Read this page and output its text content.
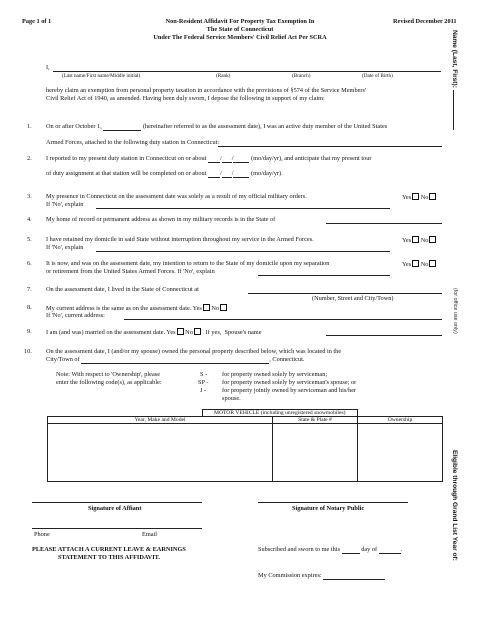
Page 1 of 1	Non-Resident Affidavit For Property Tax Exemption In
The State of Connecticut
Under The Federal Service Members' Civil Relief Act Per SCRA
Revised December 2011
I,
(Last name/First name/Middle initial)	(Rank)	(Branch)	(Date of Birth)
hereby claim an exemption from personal property taxation in accordance with the provisions of §574 of the Service Members'
Civil Relief Act of 1940, as amended. Having been duly sworn, I depose the following in support of my claim:
1. On or after October 1,	(hereinafter referred to as the assessment date), I was an active duty member of the United States
Armed Forces, attached to the following duty station in Connecticut:
2. I reported to my present duty station in Connecticut on or about / /	(mo/day/yr), and anticipate that my present tour
of duty assignment at that station will be completed on or about / /	(mo/day/yr).
3. My presence in Connecticut on the assessment date was solely as a result of my official military orders.
If 'No', explain
Yes No
4. My home of record or permanent address as shown in my military records is in the State of
5. I have retained my domicile in said State without interruption throughout my service in the Armed Forces.
If 'No', explain
Yes No
6. It is now, and was on the assessment date, my intention to return to the State of my domicile upon my separation
or retirement from the United States Armed Forces. If 'No', explain
Yes No
7. On the assessment date, I lived in the State of Connecticut at
(Number, Street and City/Town)
8. My current address is the same as on the assessment date. Yes No
If 'No', current address:
9. I am (and was) married on the assessment date. Yes No If yes, Spouse's name
10. On the assessment date, I (and/or my spouse) owned the personal property described below, which was located in the
City/Town of	, Connecticut.
Note: With respect to 'Ownership', please
enter the following code(s), as applicable:
S - for property owned solely by serviceman;
SP - for property owned solely by serviceman's spouse; or
J -	for property jointly owned by serviceman and his/her
spouse.
	MOTOR VEHICLE (including unregistered snowmobiles)		
Year, Make and Model		State & Plate #	Ownership

Signature of Affiant	Signature of Notary Public
Phone	Email
PLEASE ATTACH A CURRENT LEAVE & EARNINGS
STATEMENT TO THIS AFFIDAVIT.
Subscribed and sworn to me this	day of	.
My Commission expires:
Name (Last, First):
(for office use only)
Eligible through Grand List Year of:
